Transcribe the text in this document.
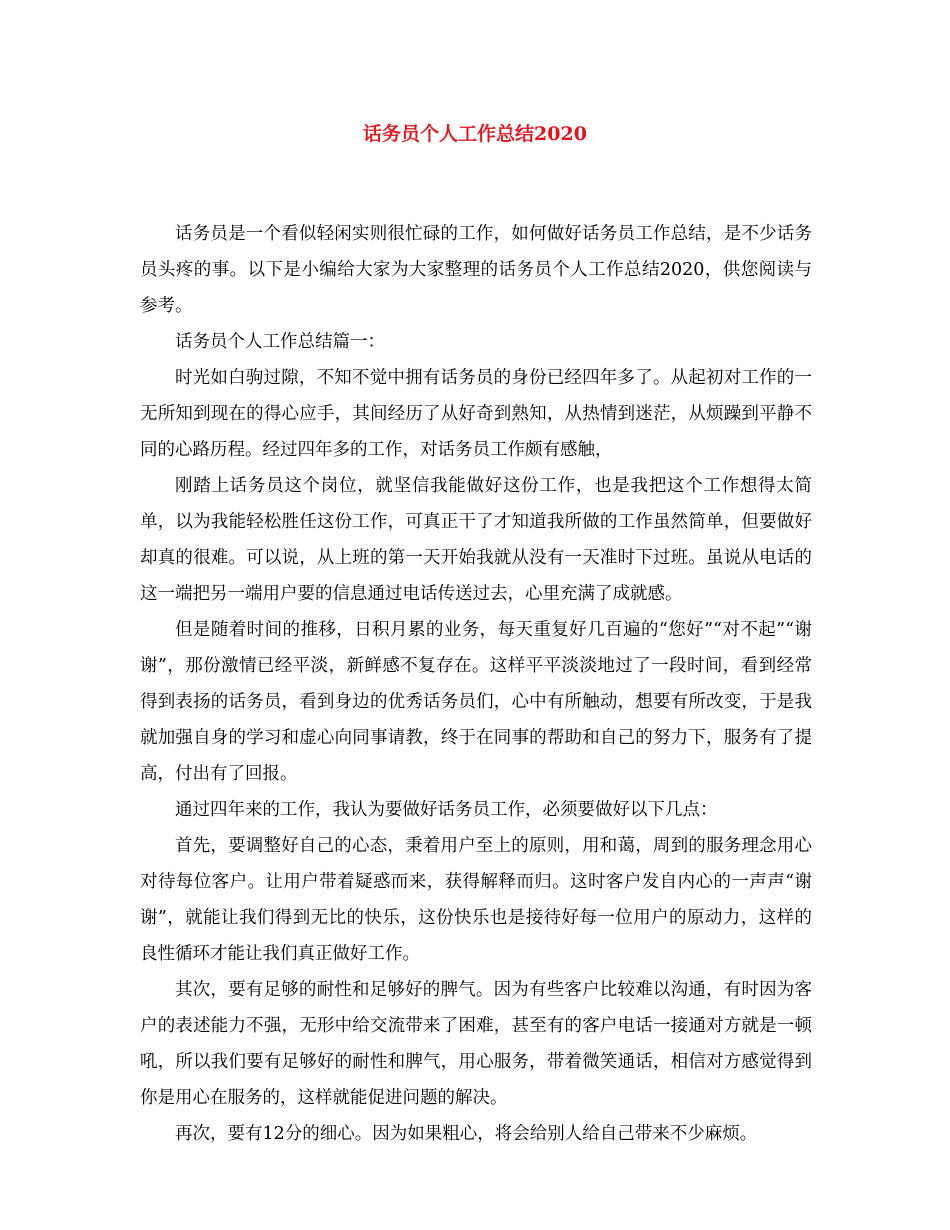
话务员个人工作总结2020

话务员是一个看似轻闲实则很忙碌的工作，如何做好话务员工作总结，是不少话务员头疼的事。以下是小编给大家为大家整理的话务员个人工作总结2020，供您阅读与参考。

话务员个人工作总结篇一：

时光如白驹过隙，不知不觉中拥有话务员的身份已经四年多了。从起初对工作的一无所知到现在的得心应手，其间经历了从好奇到熟知，从热情到迷茫，从烦躁到平静不同的心路历程。经过四年多的工作，对话务员工作颇有感触，

刚踏上话务员这个岗位，就坚信我能做好这份工作，也是我把这个工作想得太简单，以为我能轻松胜任这份工作，可真正干了才知道我所做的工作虽然简单，但要做好却真的很难。可以说，从上班的第一天开始我就从没有一天准时下过班。虽说从电话的这一端把另一端用户要的信息通过电话传送过去，心里充满了成就感。

但是随着时间的推移，日积月累的业务，每天重复好几百遍的“您好”“对不起”“谢谢”，那份激情已经平淡，新鲜感不复存在。这样平平淡淡地过了一段时间，看到经常得到表扬的话务员，看到身边的优秀话务员们，心中有所触动，想要有所改变，于是我就加强自身的学习和虚心向同事请教，终于在同事的帮助和自己的努力下，服务有了提高，付出有了回报。

通过四年来的工作，我认为要做好话务员工作，必须要做好以下几点：

首先，要调整好自己的心态，秉着用户至上的原则，用和蔼，周到的服务理念用心对待每位客户。让用户带着疑惑而来，获得解释而归。这时客户发自内心的一声声“谢谢”，就能让我们得到无比的快乐，这份快乐也是接待好每一位用户的原动力，这样的良性循环才能让我们真正做好工作。

其次，要有足够的耐性和足够好的脾气。因为有些客户比较难以沟通，有时因为客户的表述能力不强，无形中给交流带来了困难，甚至有的客户电话一接通对方就是一顿吼，所以我们要有足够好的耐性和脾气，用心服务，带着微笑通话，相信对方感觉得到你是用心在服务的，这样就能促进问题的解决。

再次，要有12分的细心。因为如果粗心，将会给别人给自己带来不少麻烦。
